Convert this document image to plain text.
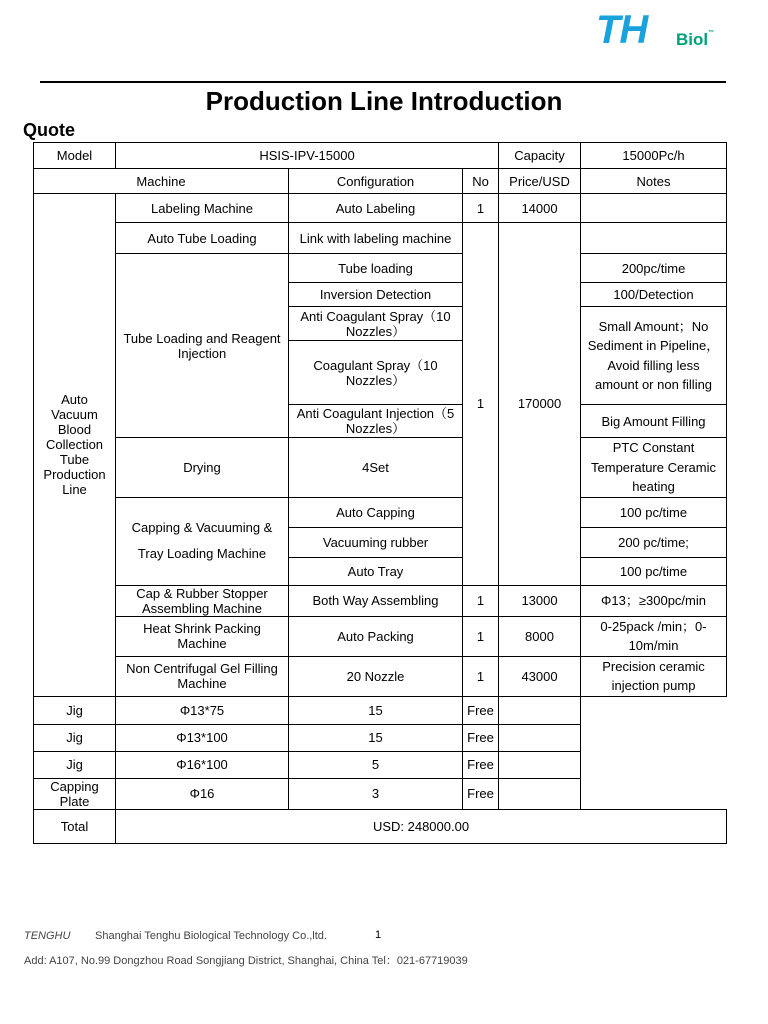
TH Biol™
Production Line Introduction
Quote
Model	HSIS-IPV-15000			Capacity	15000Pc/h
Machine		Configuration	No	Price/USD	Notes
Auto Vacuum Blood Collection Tube Production Line	Labeling Machine	Auto Labeling	1	14000	
	Auto Tube Loading	Link with labeling machine	1	170000	
	Tube Loading and Reagent Injection	Tube loading			200pc/time
		Inversion Detection			100/Detection
		Anti Coagulant Spray（10 Nozzles）			Small Amount；No Sediment in Pipeline，Avoid filling less amount or non filling
		Coagulant Spray（10 Nozzles）			
		Anti Coagulant Injection（5 Nozzles）			Big Amount Filling
	Drying	4Set			PTC Constant Temperature Ceramic heating
	Capping & Vacuuming & Tray Loading Machine	Auto Capping			100 pc/time
		Vacuuming rubber			200 pc/time;
		Auto Tray			100 pc/time
	Cap & Rubber Stopper Assembling Machine	Both Way Assembling	1	13000	Φ13；≥300pc/min
	Heat Shrink Packing Machine	Auto Packing	1	8000	0-25pack /min；0-10m/min
	Non Centrifugal Gel Filling Machine	20 Nozzle	1	43000	Precision ceramic injection pump
Jig	Φ13*75	15	Free		
Jig	Φ13*100	15	Free		
Jig	Φ16*100	5	Free		
Capping Plate	Φ16	3	Free		
Total	USD: 248000.00				
TENGHU Shanghai Tenghu Biological Technology Co.,ltd.	1
Add: A107, No.99 Dongzhou Road Songjiang District, Shanghai, China Tel：021-67719039
